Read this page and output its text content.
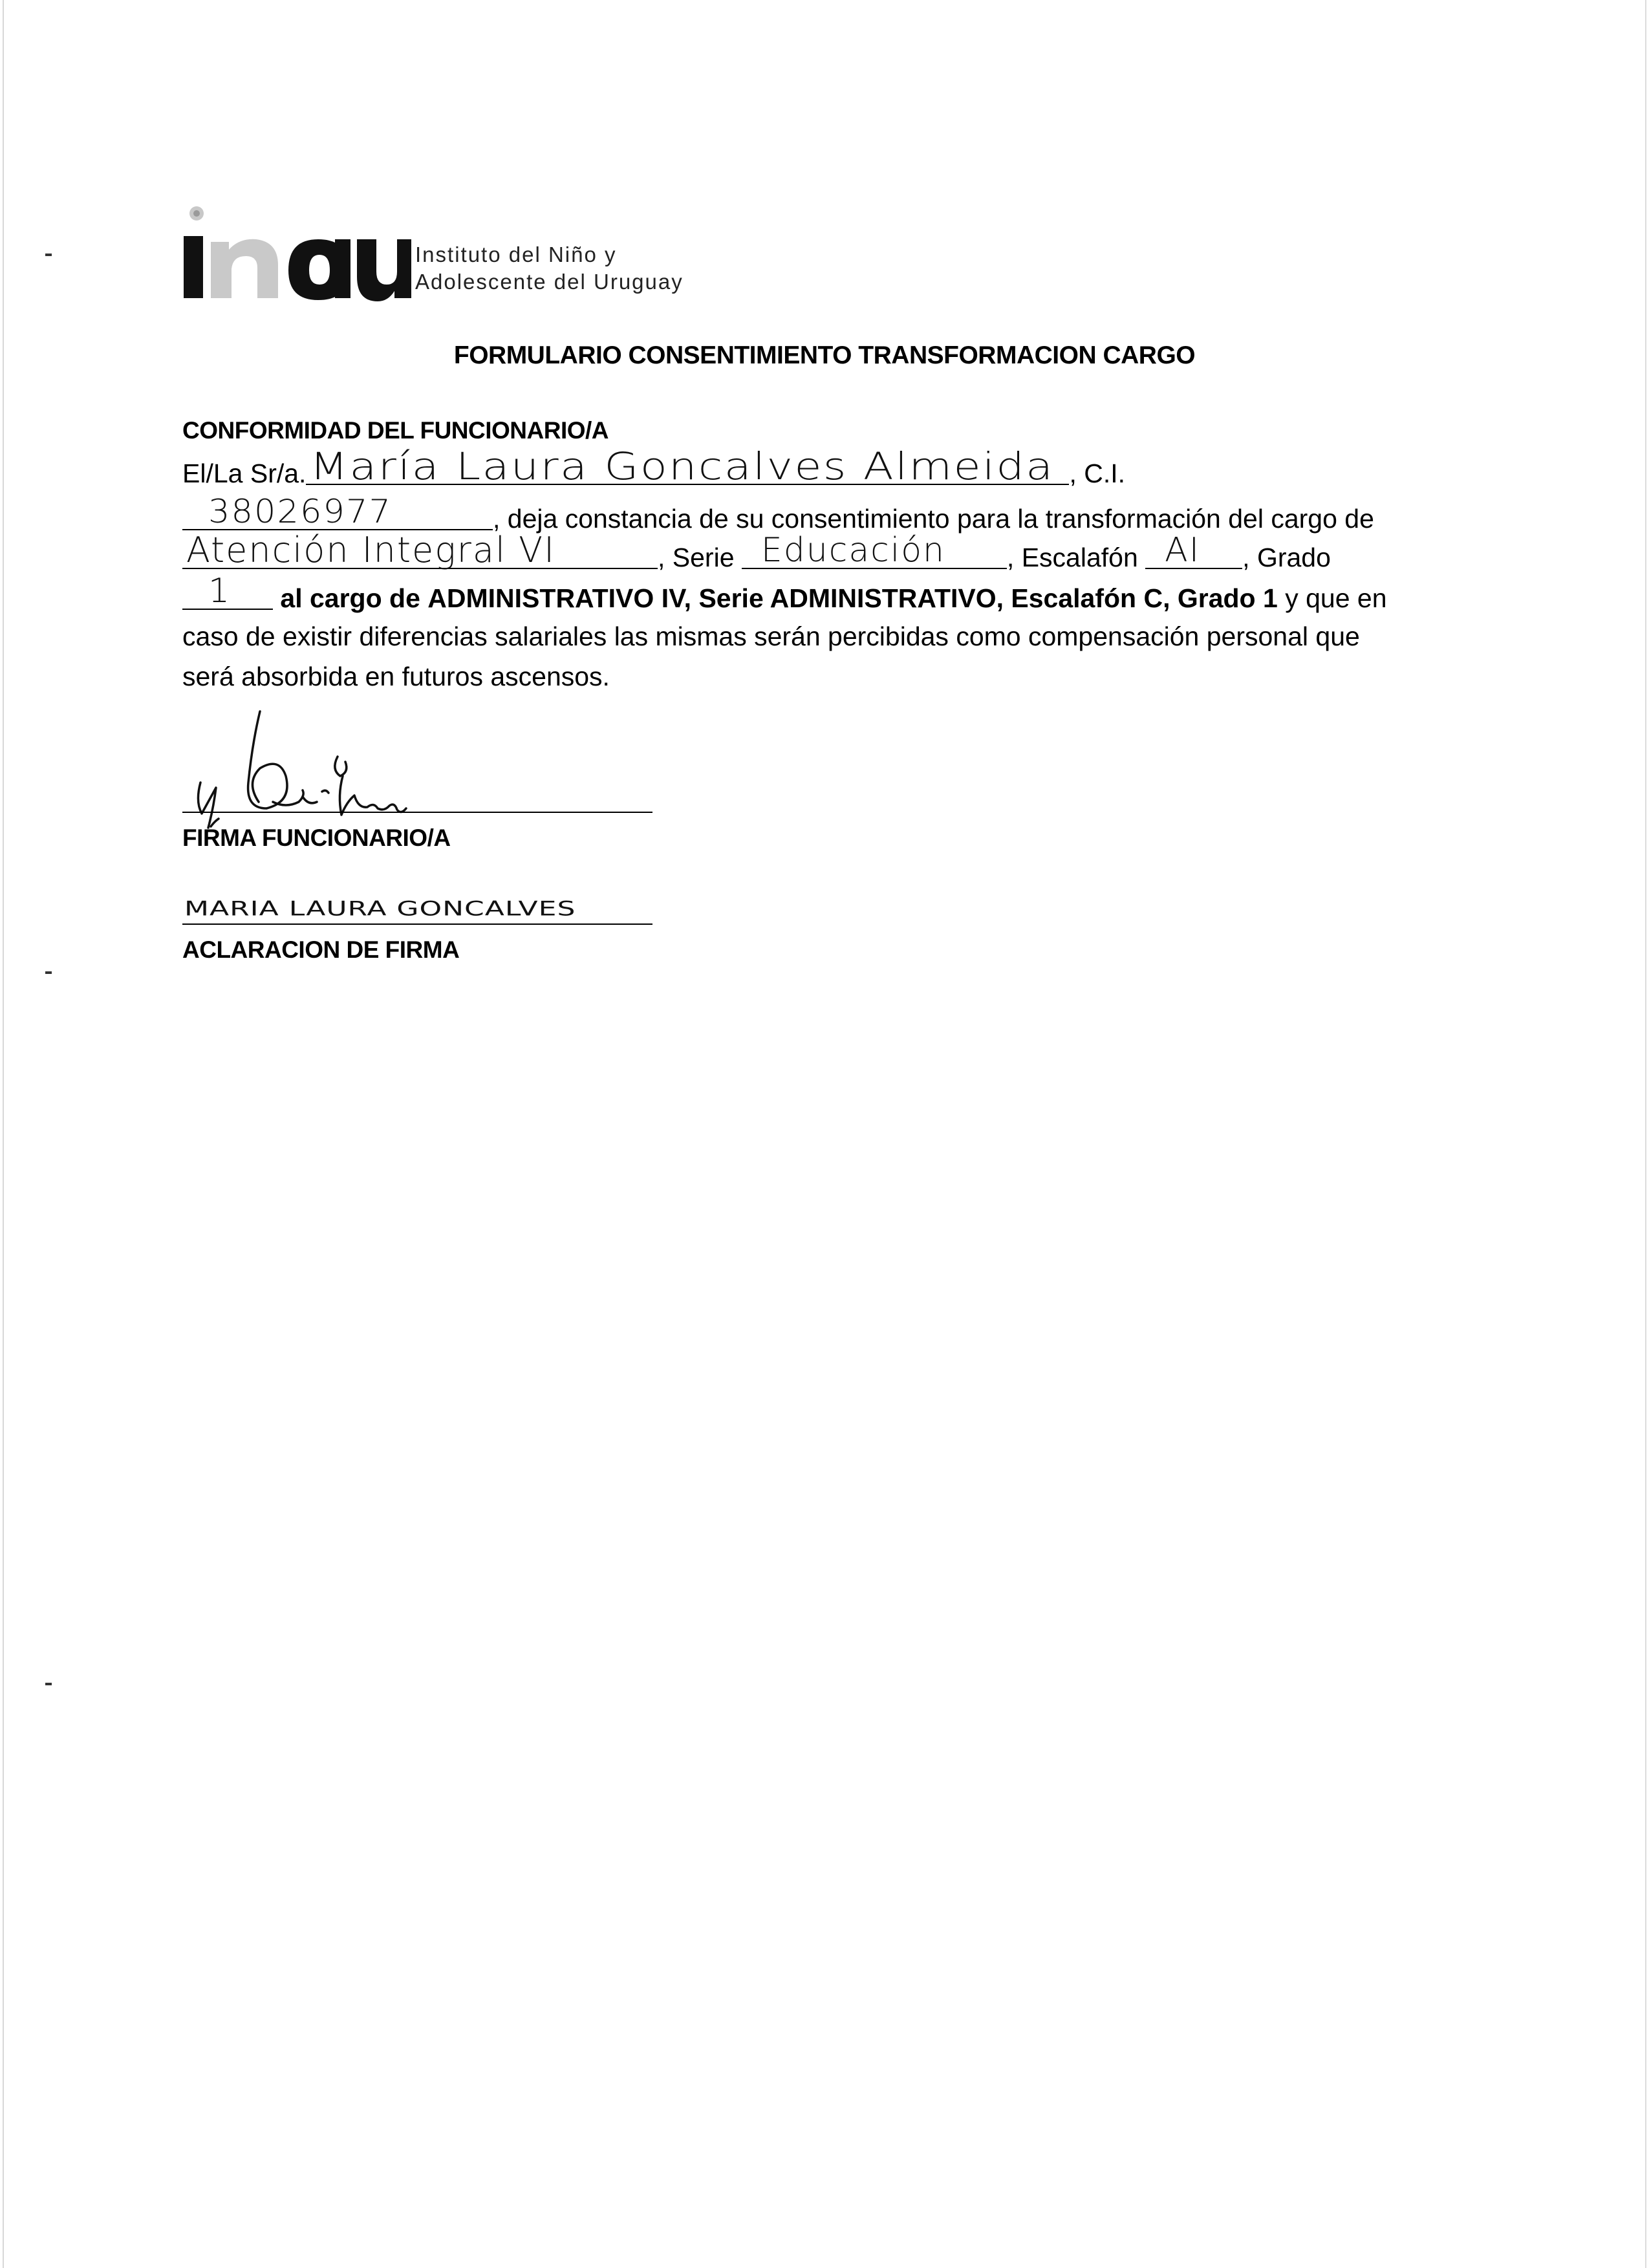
Instituto del Niño y
Adolescente del Uruguay
FORMULARIO CONSENTIMIENTO TRANSFORMACION CARGO
CONFORMIDAD DEL FUNCIONARIO/A
El/La Sr/a. María Laura Goncalves Almeida , C.I.
38026977	, deja constancia de su consentimiento para la transformación del cargo de
Atención Integral VI	, Serie Educación , Escalafón AI , Grado
1 al cargo de ADMINISTRATIVO IV, Serie ADMINISTRATIVO, Escalafón C, Grado 1 y que en
caso de existir diferencias salariales las mismas serán percibidas como compensación personal que
será absorbida en futuros ascensos.
FIRMA FUNCIONARIO/A
MARIA LAURA GONCALVES
ACLARACION DE FIRMA
